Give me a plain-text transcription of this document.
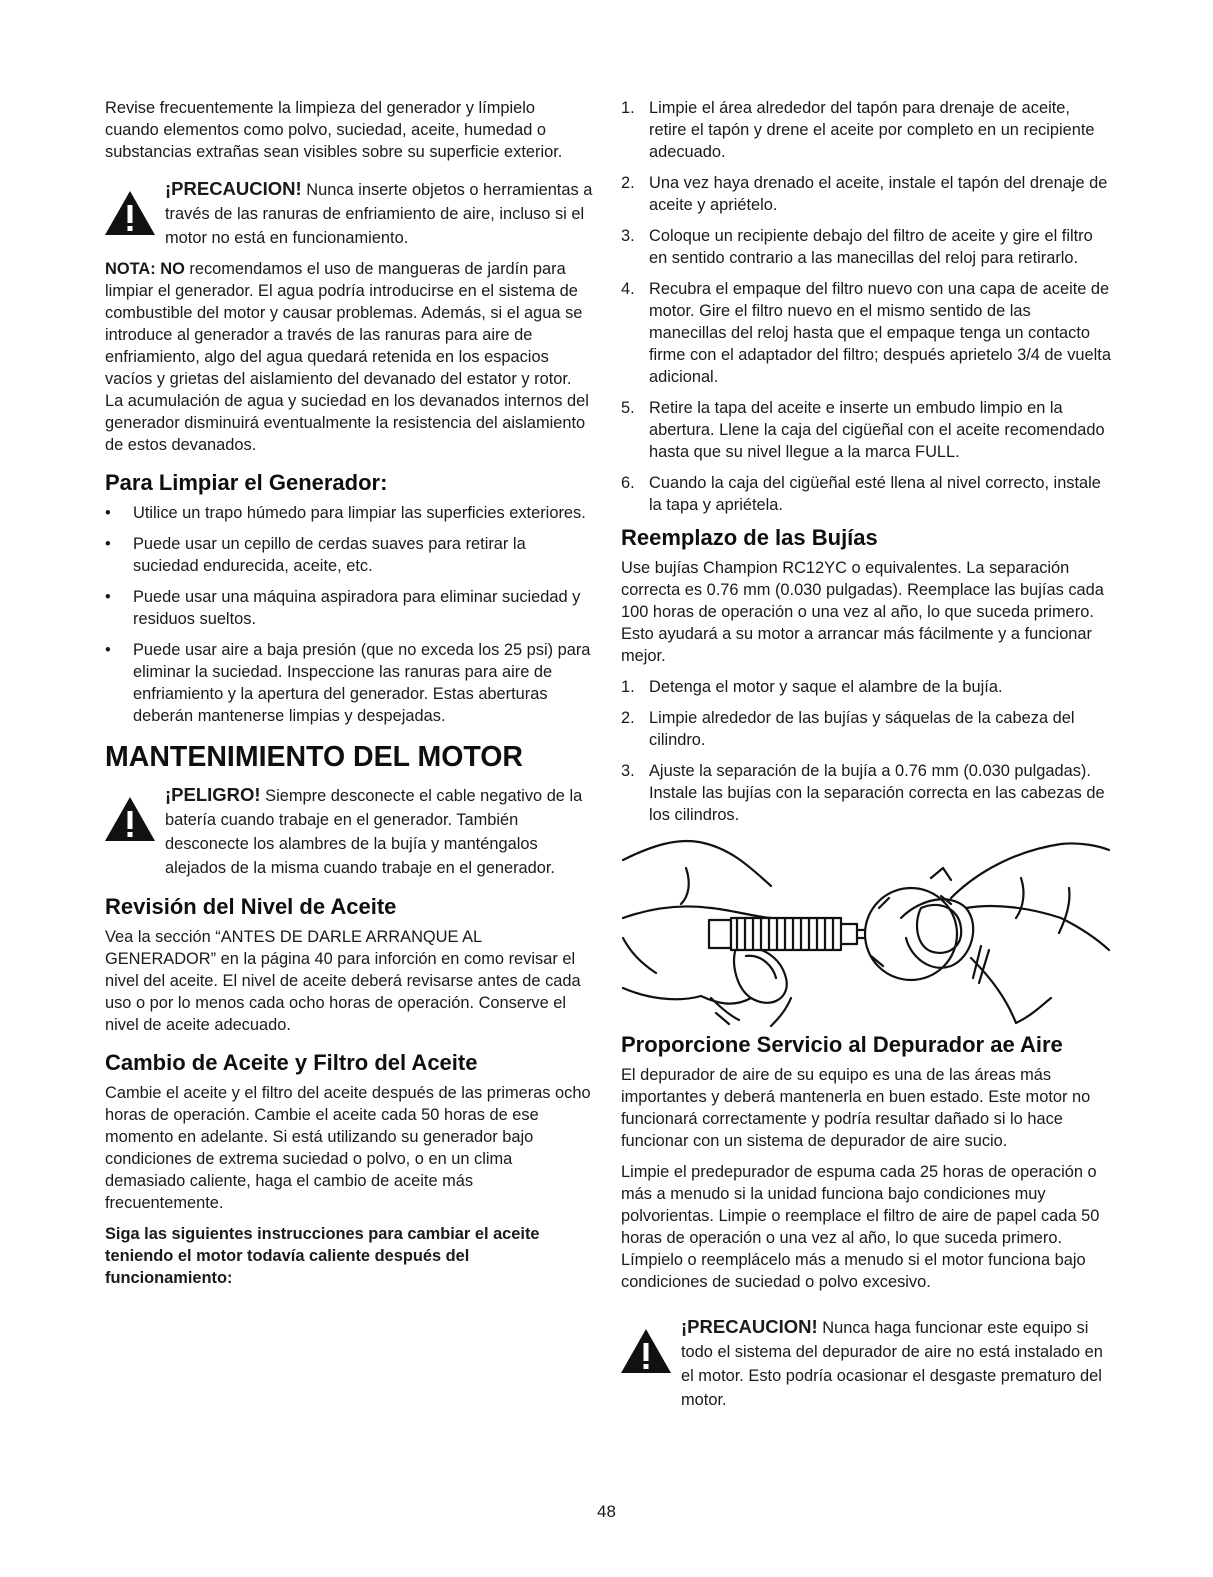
Revise frecuentemente la limpieza del generador y límpielo cuando elementos como polvo, suciedad, aceite, humedad o substancias extrañas sean visibles sobre su superficie exterior.

¡PRECAUCION! Nunca inserte objetos o herramientas a través de las ranuras de enfriamiento de aire, incluso si el motor no está en funcionamiento.

NOTA: NO recomendamos el uso de mangueras de jardín para limpiar el generador. El agua podría introducirse en el sistema de combustible del motor y causar problemas. Además, si el agua se introduce al generador a través de las ranuras para aire de enfriamiento, algo del agua quedará retenida en los espacios vacíos y grietas del aislamiento del devanado del estator y rotor. La acumulación de agua y suciedad en los devanados internos del generador disminuirá eventualmente la resistencia del aislamiento de estos devanados.

Para Limpiar el Generador:
•	Utilice un trapo húmedo para limpiar las superficies exteriores.
•	Puede usar un cepillo de cerdas suaves para retirar la suciedad endurecida, aceite, etc.
•	Puede usar una máquina aspiradora para eliminar suciedad y residuos sueltos.
•	Puede usar aire a baja presión (que no exceda los 25 psi) para eliminar la suciedad. Inspeccione las ranuras para aire de enfriamiento y la apertura del generador. Estas aberturas deberán mantenerse limpias y despejadas.
MANTENIMIENTO DEL MOTOR
¡PELIGRO! Siempre desconecte el cable negativo de la batería cuando trabaje en el generador. También desconecte los alambres de la bujía y manténgalos alejados de la misma cuando trabaje en el generador.
Revisión del Nivel de Aceite

Vea la sección “ANTES DE DARLE ARRANQUE AL GENERADOR” en la página 40 para inforción en como revisar el nivel del aceite. El nivel de aceite deberá revisarse antes de cada uso o por lo menos cada ocho horas de operación. Conserve el nivel de aceite adecuado.

Cambio de Aceite y Filtro del Aceite

Cambie el aceite y el filtro del aceite después de las primeras ocho horas de operación. Cambie el aceite cada 50 horas de ese momento en adelante. Si está utilizando su generador bajo condiciones de extrema suciedad o polvo, o en un clima demasiado caliente, haga el cambio de aceite más frecuentemente.

Siga las siguientes instrucciones para cambiar el aceite teniendo el motor todavía caliente después del funcionamiento:

1. Limpie el área alrededor del tapón para drenaje de aceite, retire el tapón y drene el aceite por completo en un recipiente adecuado.
2. Una vez haya drenado el aceite, instale el tapón del drenaje de aceite y apriételo.
3. Coloque un recipiente debajo del filtro de aceite y gire el filtro en sentido contrario a las manecillas del reloj para retirarlo.
4. Recubra el empaque del filtro nuevo con una capa de aceite de motor. Gire el filtro nuevo en el mismo sentido de las manecillas del reloj hasta que el empaque tenga un contacto firme con el adaptador del filtro; después aprietelo 3/4 de vuelta adicional.
5. Retire la tapa del aceite e inserte un embudo limpio en la abertura. Llene la caja del cigüeñal con el aceite recomendado hasta que su nivel llegue a la marca FULL.
6. Cuando la caja del cigüeñal esté llena al nivel correcto, instale la tapa y apriétela.
Reemplazo de las Bujías

Use bujías Champion RC12YC o equivalentes. La separación correcta es 0.76 mm (0.030 pulgadas). Reemplace las bujías cada 100 horas de operación o una vez al año, lo que suceda primero. Esto ayudará a su motor a arrancar más fácilmente y a funcionar mejor.

1. Detenga el motor y saque el alambre de la bujía.
2. Limpie alrededor de las bujías y sáquelas de la cabeza del cilindro.
3. Ajuste la separación de la bujía a 0.76 mm (0.030 pulgadas). Instale las bujías con la separación correcta en las cabezas de los cilindros.
Proporcione Servicio al Depurador ae Aire

El depurador de aire de su equipo es una de las áreas más importantes y deberá mantenerla en buen estado. Este motor no funcionará correctamente y podría resultar dañado si lo hace funcionar con un sistema de depurador de aire sucio.

Limpie el predepurador de espuma cada 25 horas de operación o más a menudo si la unidad funciona bajo condiciones muy polvorientas. Limpie o reemplace el filtro de aire de papel cada 50 horas de operación o una vez al año, lo que suceda primero. Límpielo o reemplácelo más a menudo si el motor funciona bajo condiciones de suciedad o polvo excesivo.

¡PRECAUCION! Nunca haga funcionar este equipo si todo el sistema del depurador de aire no está instalado en el motor. Esto podría ocasionar el desgaste prematuro del motor.
48
